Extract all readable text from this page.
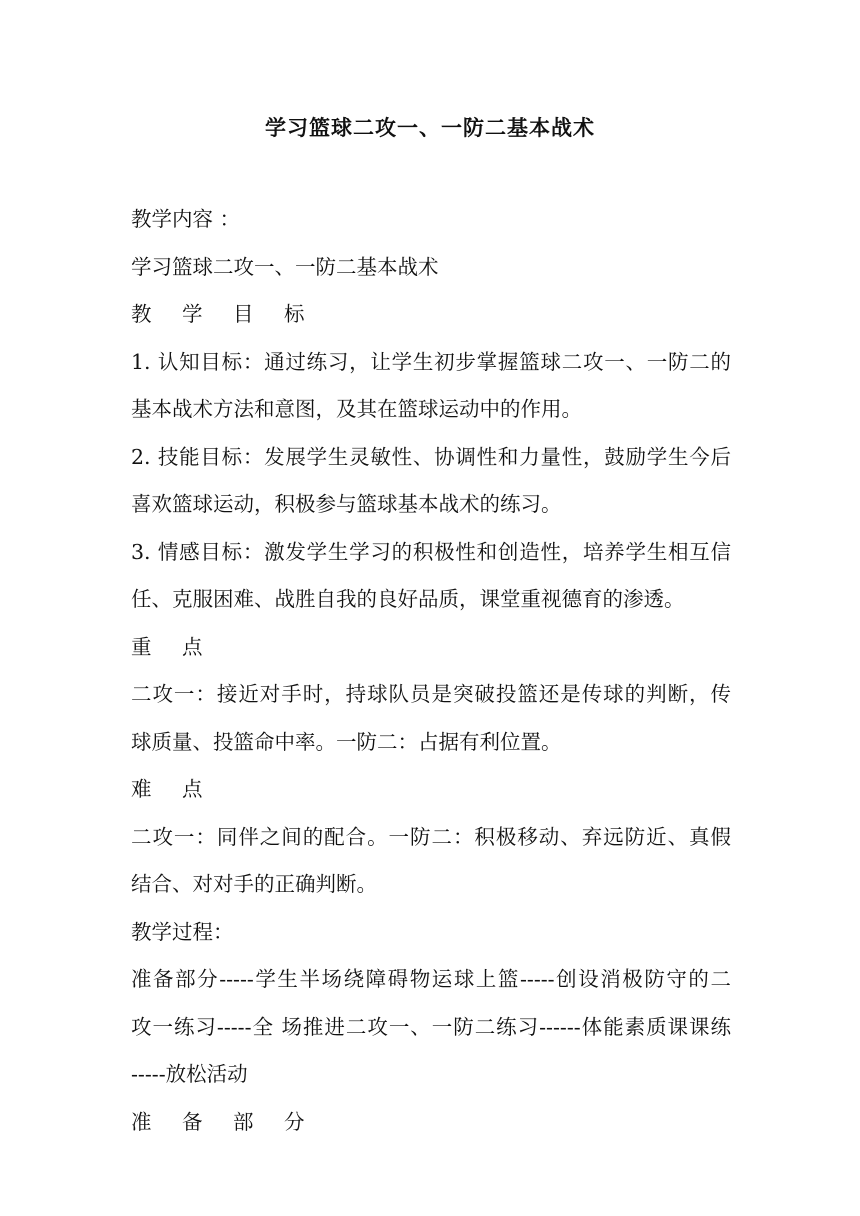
学习篮球二攻一、一防二基本战术
教学内容 ：
学习篮球二攻一、一防二基本战术
教 学 目 标
1. 认知目标：通过练习，让学生初步掌握篮球二攻一、一防二的
基本战术方法和意图，及其在篮球运动中的作用。
2. 技能目标：发展学生灵敏性、协调性和力量性，鼓励学生今后
喜欢篮球运动，积极参与篮球基本战术的练习。
3. 情感目标：激发学生学习的积极性和创造性，培养学生相互信
任、克服困难、战胜自我的良好品质，课堂重视德育的渗透。
重 点
二攻一：接近对手时，持球队员是突破投篮还是传球的判断，传
球质量、投篮命中率。一防二：占据有利位置。
难 点
二攻一：同伴之间的配合。一防二：积极移动、弃远防近、真假
结合、对对手的正确判断。
教学过程：
准备部分-----学生半场绕障碍物运球上篮-----创设消极防守的二
攻一练习-----全 场推进二攻一、一防二练习------体能素质课课练
-----放松活动
准 备 部 分
